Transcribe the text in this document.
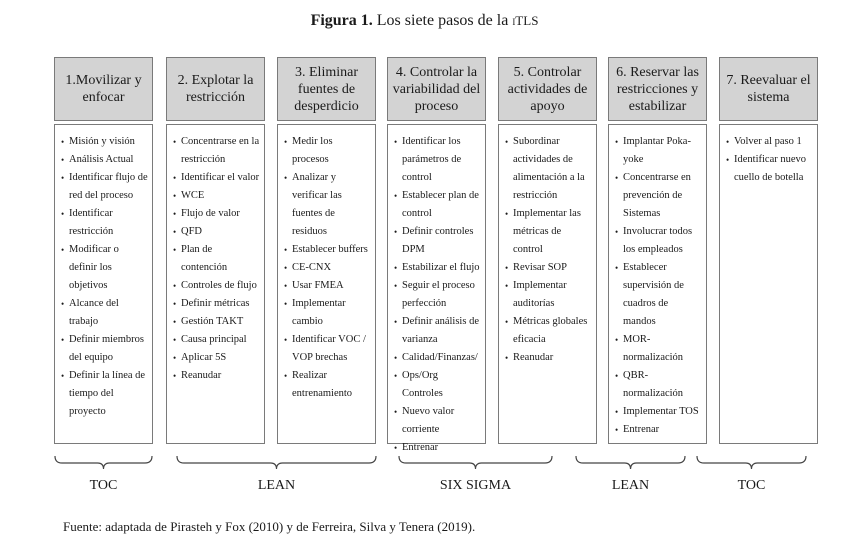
Figura 1. Los siete pasos de la iTLS
1.Movilizar y enfocar
• Misión y visión
• Análisis Actual
• Identificar flujo de red del proceso
• Identificar restricción
• Modificar o definir los objetivos
• Alcance del trabajo
• Definir miembros del equipo
• Definir la línea de tiempo del proyecto
2. Explotar la restricción
• Concentrarse en la restricción
• Identificar el valor
• WCE
• Flujo de valor
• QFD
• Plan de contención
• Controles de flujo
• Definir métricas
• Gestión TAKT
• Causa principal
• Aplicar 5S
• Reanudar
3. Eliminar fuentes de desperdicio
• Medir los procesos
• Analizar y verificar las fuentes de residuos
• Establecer buffers
• CE-CNX
• Usar FMEA
• Implementar cambio
• Identificar VOC / VOP brechas
• Realizar entrenamiento
4. Controlar la variabilidad del proceso
• Identificar los parámetros de control
• Establecer plan de control
• Definir controles DPM
• Estabilizar el flujo
• Seguir el proceso perfección
• Definir análisis de varianza
• Calidad/Finanzas/
• Ops/Org Controles
• Nuevo valor corriente
• Entrenar
5. Controlar actividades de apoyo
• Subordinar actividades de alimentación a la restricción
• Implementar las métricas de control
• Revisar SOP
• Implementar auditorías
• Métricas globales eficacia
• Reanudar
6. Reservar las restricciones y estabilizar
• Implantar Poka-yoke
• Concentrarse en prevención de Sistemas
• Involucrar todos los empleados
• Establecer supervisión de cuadros de mandos
• MOR-normalización
• QBR-normalización
• Implementar TOS
• Entrenar
7. Reevaluar el sistema
• Volver al paso 1
• Identificar nuevo cuello de botella
TOC	LEAN	SIX SIGMA	LEAN	TOC
Fuente: adaptada de Pirasteh y Fox (2010) y de Ferreira, Silva y Tenera (2019).
